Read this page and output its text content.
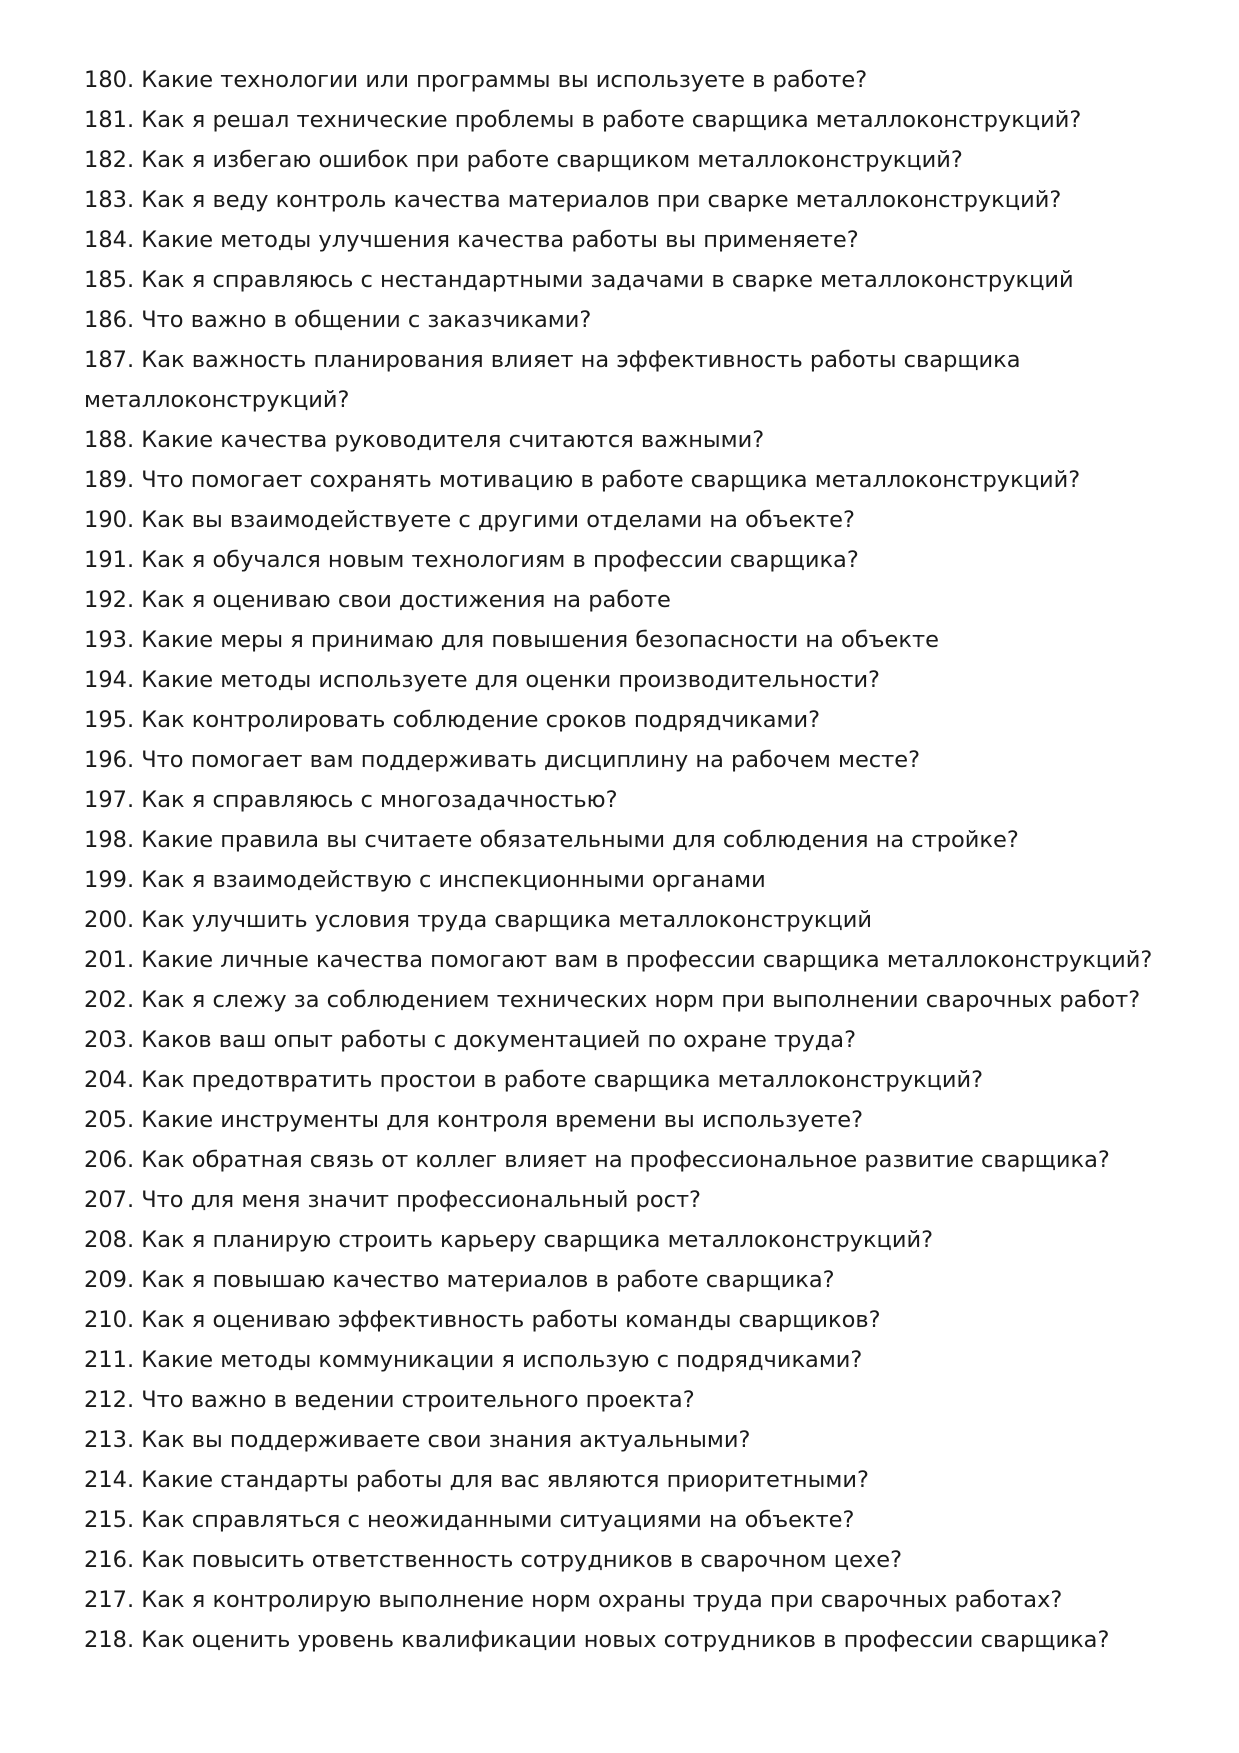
180. Какие технологии или программы вы используете в работе?
181. Как я решал технические проблемы в работе сварщика металлоконструкций?
182. Как я избегаю ошибок при работе сварщиком металлоконструкций?
183. Как я веду контроль качества материалов при сварке металлоконструкций?
184. Какие методы улучшения качества работы вы применяете?
185. Как я справляюсь с нестандартными задачами в сварке металлоконструкций
186. Что важно в общении с заказчиками?
187. Как важность планирования влияет на эффективность работы сварщика металлоконструкций?
188. Какие качества руководителя считаются важными?
189. Что помогает сохранять мотивацию в работе сварщика металлоконструкций?
190. Как вы взаимодействуете с другими отделами на объекте?
191. Как я обучался новым технологиям в профессии сварщика?
192. Как я оцениваю свои достижения на работе
193. Какие меры я принимаю для повышения безопасности на объекте
194. Какие методы используете для оценки производительности?
195. Как контролировать соблюдение сроков подрядчиками?
196. Что помогает вам поддерживать дисциплину на рабочем месте?
197. Как я справляюсь с многозадачностью?
198. Какие правила вы считаете обязательными для соблюдения на стройке?
199. Как я взаимодействую с инспекционными органами
200. Как улучшить условия труда сварщика металлоконструкций
201. Какие личные качества помогают вам в профессии сварщика металлоконструкций?
202. Как я слежу за соблюдением технических норм при выполнении сварочных работ?
203. Каков ваш опыт работы с документацией по охране труда?
204. Как предотвратить простои в работе сварщика металлоконструкций?
205. Какие инструменты для контроля времени вы используете?
206. Как обратная связь от коллег влияет на профессиональное развитие сварщика?
207. Что для меня значит профессиональный рост?
208. Как я планирую строить карьеру сварщика металлоконструкций?
209. Как я повышаю качество материалов в работе сварщика?
210. Как я оцениваю эффективность работы команды сварщиков?
211. Какие методы коммуникации я использую с подрядчиками?
212. Что важно в ведении строительного проекта?
213. Как вы поддерживаете свои знания актуальными?
214. Какие стандарты работы для вас являются приоритетными?
215. Как справляться с неожиданными ситуациями на объекте?
216. Как повысить ответственность сотрудников в сварочном цехе?
217. Как я контролирую выполнение норм охраны труда при сварочных работах?
218. Как оценить уровень квалификации новых сотрудников в профессии сварщика?
